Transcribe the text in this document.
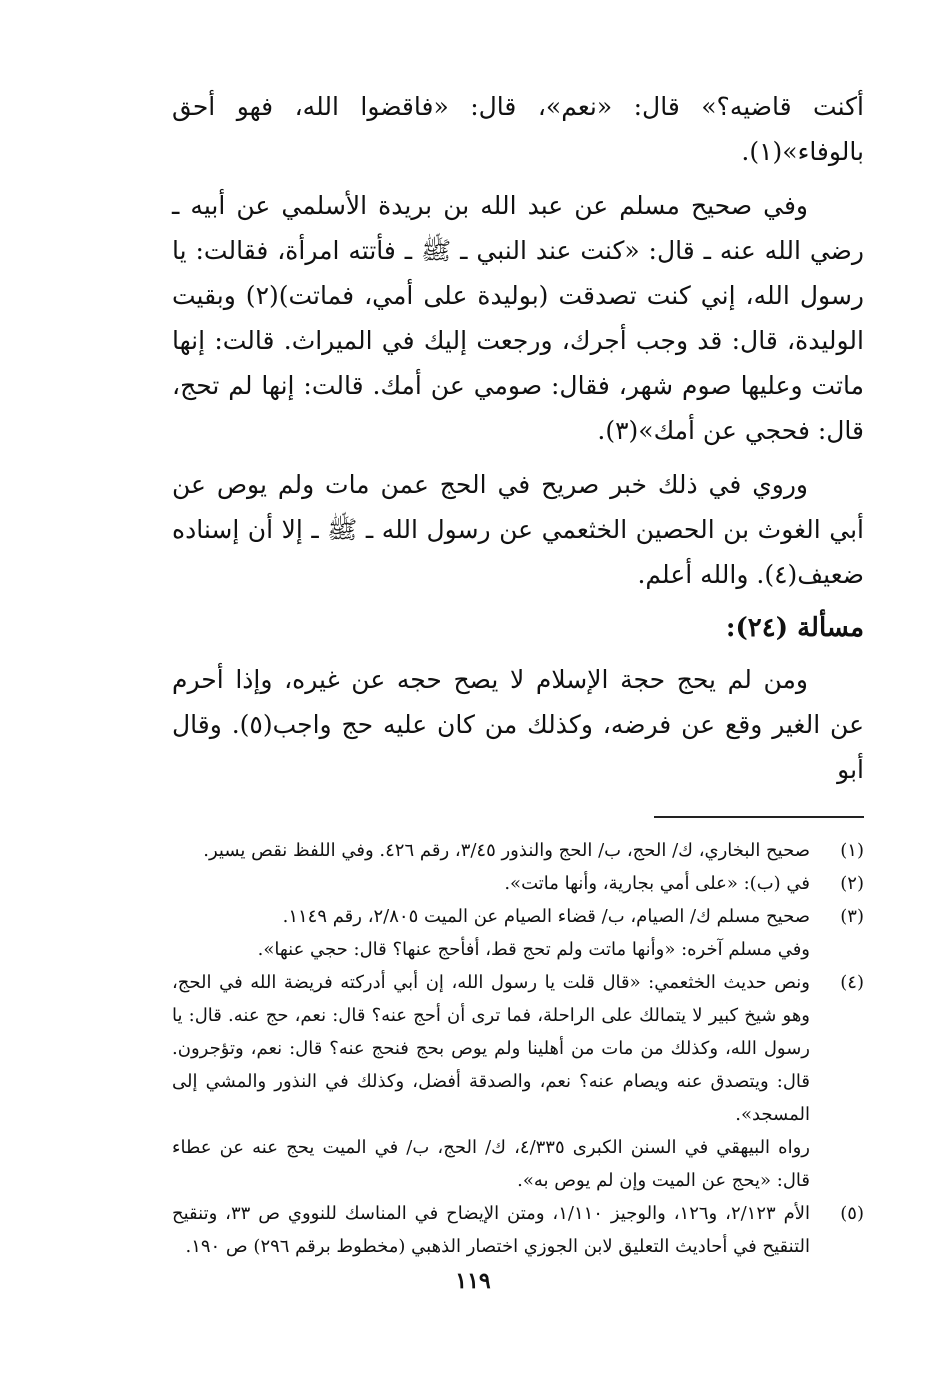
أكنت قاضيه؟» قال: «نعم»، قال: «فاقضوا الله، فهو أحق بالوفاء»(١).

وفي صحيح مسلم عن عبد الله بن بريدة الأسلمي عن أبيه ـ رضي الله عنه ـ قال: «كنت عند النبي ـ ﷺ ـ فأتته امرأة، فقالت: يا رسول الله، إني كنت تصدقت (بوليدة على أمي، فماتت)(٢) وبقيت الوليدة، قال: قد وجب أجرك، ورجعت إليك في الميراث. قالت: إنها ماتت وعليها صوم شهر، فقال: صومي عن أمك. قالت: إنها لم تحج، قال: فحجي عن أمك»(٣).

وروي في ذلك خبر صريح في الحج عمن مات ولم يوص عن أبي الغوث بن الحصين الخثعمي عن رسول الله ـ ﷺ ـ إلا أن إسناده ضعيف(٤). والله أعلم.

مسألة (٢٤):

ومن لم يحج حجة الإسلام لا يصح حجه عن غيره، وإذا أحرم عن الغير وقع عن فرضه، وكذلك من كان عليه حج واجب(٥). وقال أبو

(١)
صحيح البخاري، ك/ الحج، ب/ الحج والنذور ٣/٤٥، رقم ٤٢٦. وفي اللفظ نقص يسير.
(٢)
في (ب): «على أمي بجارية، وأنها ماتت».
(٣)
صحيح مسلم ك/ الصيام، ب/ قضاء الصيام عن الميت ٢/٨٠٥، رقم ١١٤٩.
وفي مسلم آخره: «وأنها ماتت ولم تحج قط، أفأحج عنها؟ قال: حجي عنها».
(٤)
ونص حديث الخثعمي: «قال قلت يا رسول الله، إن أبي أدركته فريضة الله في الحج، وهو شيخ كبير لا يتمالك على الراحلة، فما ترى أن أحج عنه؟ قال: نعم، حج عنه. قال: يا رسول الله، وكذلك من مات من أهلينا ولم يوص بحج فنحج عنه؟ قال: نعم، وتؤجرون. قال: ويتصدق عنه ويصام عنه؟ نعم، والصدقة أفضل، وكذلك في النذور والمشي إلى المسجد».
رواه البيهقي في السنن الكبرى ٤/٣٣٥، ك/ الحج، ب/ في الميت يحج عنه عن عطاء قال: «يحج عن الميت وإن لم يوص به».
(٥)
الأم ٢/١٢٣، و١٢٦، والوجيز ١/١١٠، ومتن الإيضاح في المناسك للنووي ص ٣٣، وتنقيح التنقيح في أحاديث التعليق لابن الجوزي اختصار الذهبي (مخطوط برقم ٢٩٦) ص ١٩٠.
١١٩
